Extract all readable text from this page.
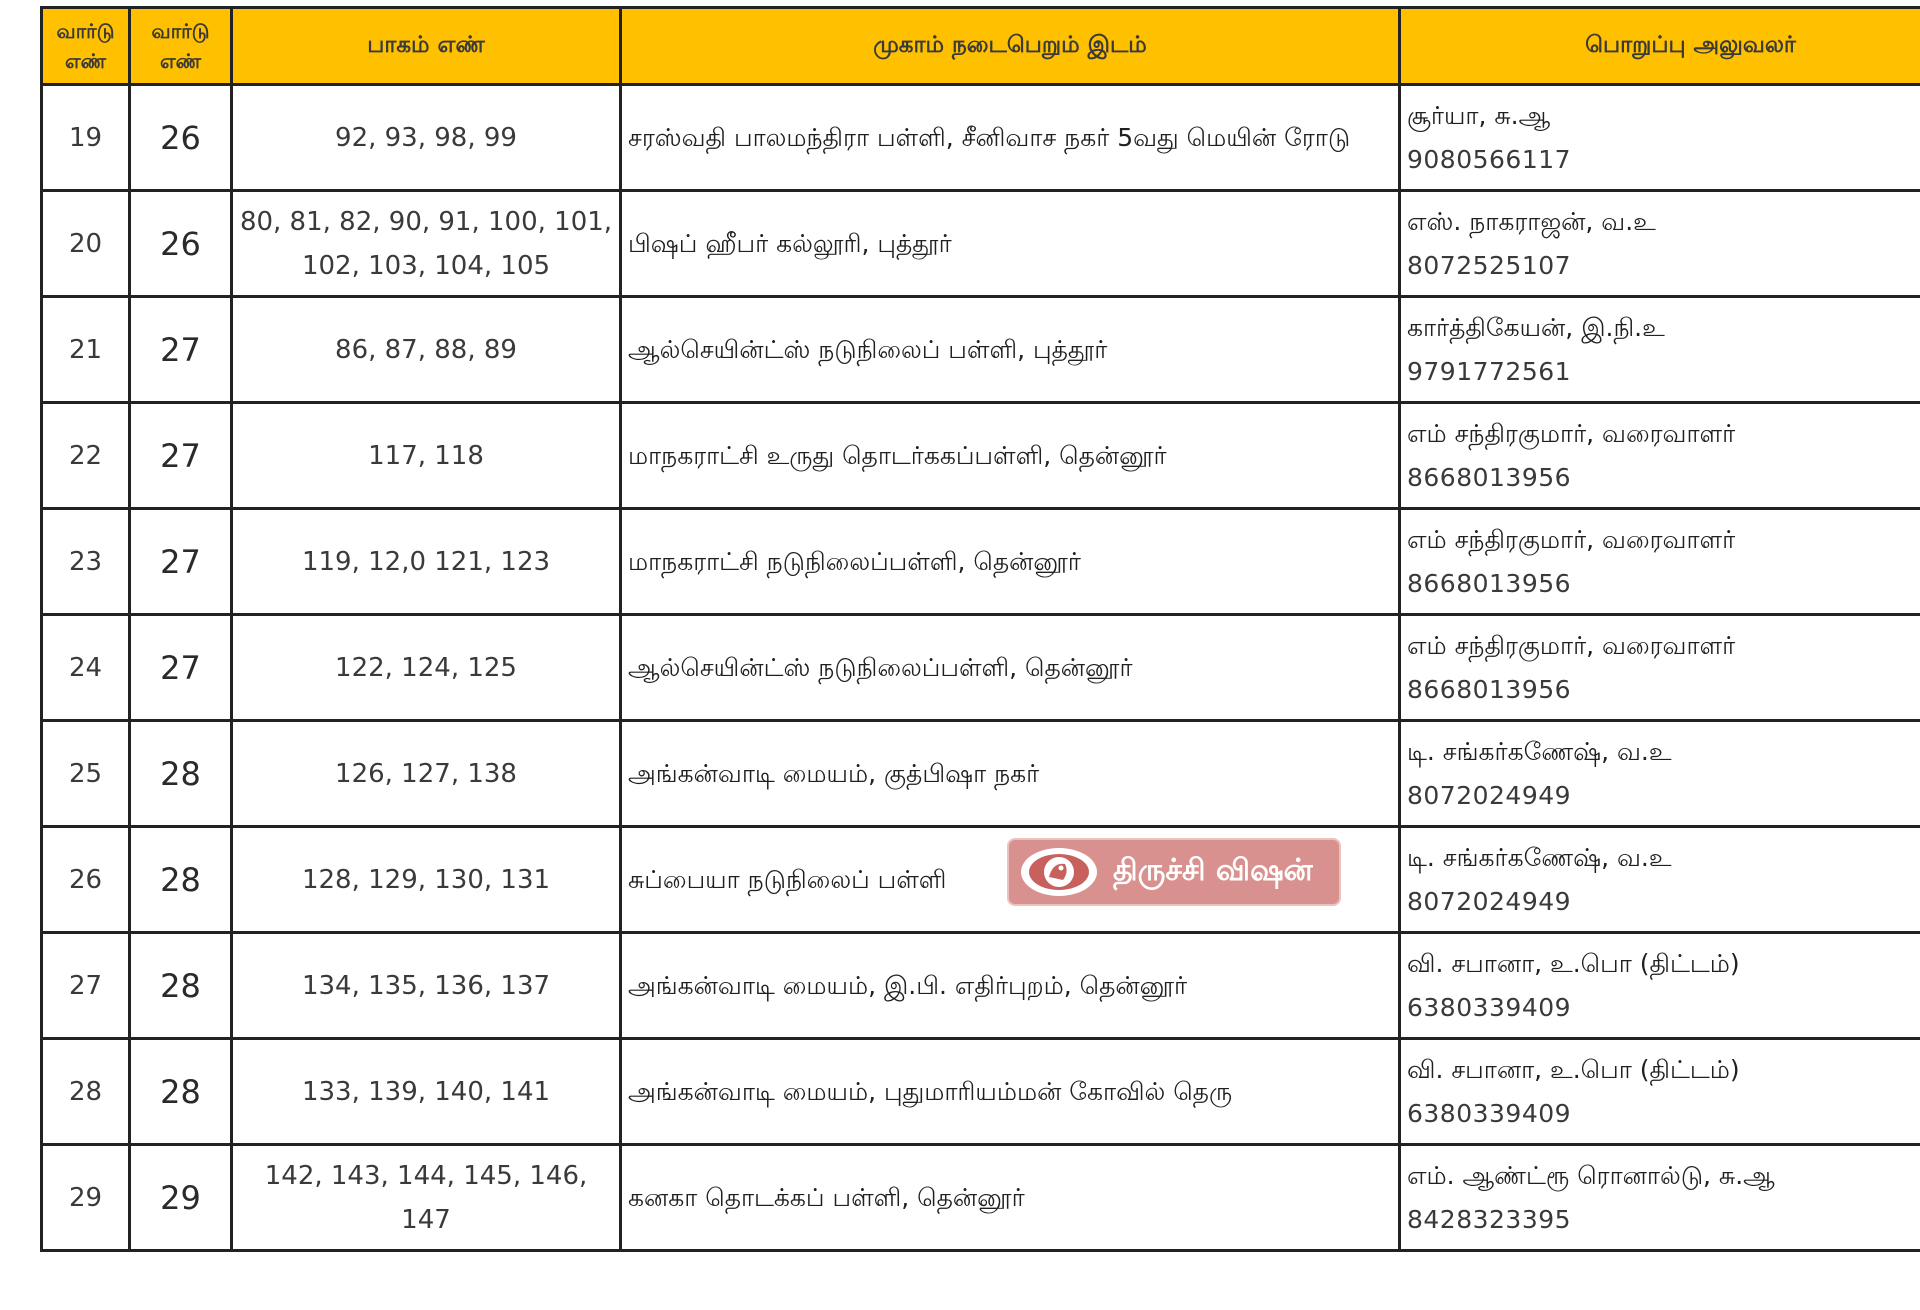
வார்டு எண்	வார்டு எண்	பாகம் எண்	முகாம் நடைபெறும் இடம்	பொறுப்பு அலுவலர்
19	26	92, 93, 98, 99	சரஸ்வதி பாலமந்திரா பள்ளி, சீனிவாச நகர் 5வது மெயின் ரோடு	சூர்யா, சு.ஆ
9080566117

20	26	80, 81, 82, 90, 91, 100, 101, 102, 103, 104, 105	பிஷப் ஹீபர் கல்லூரி, புத்தூர்	எஸ். நாகராஜன், வ.உ
8072525107

21	27	86, 87, 88, 89	ஆல்செயின்ட்ஸ் நடுநிலைப் பள்ளி, புத்தூர்	கார்த்திகேயன், இ.நி.உ
9791772561

22	27	117, 118	மாநகராட்சி உருது தொடர்ககப்பள்ளி, தென்னூர்	எம் சந்திரகுமார், வரைவாளர்
8668013956

23	27	119, 12,0 121, 123	மாநகராட்சி நடுநிலைப்பள்ளி, தென்னூர்	எம் சந்திரகுமார், வரைவாளர்
8668013956

24	27	122, 124, 125	ஆல்செயின்ட்ஸ் நடுநிலைப்பள்ளி, தென்னூர்	எம் சந்திரகுமார், வரைவாளர்
8668013956

25	28	126, 127, 138	அங்கன்வாடி மையம், குத்பிஷா நகர்	டி. சங்கர்கணேஷ், வ.உ
8072024949

26	28	128, 129, 130, 131	சுப்பையா நடுநிலைப் பள்ளி	டி. சங்கர்கணேஷ், வ.உ
8072024949

27	28	134, 135, 136, 137	அங்கன்வாடி மையம், இ.பி. எதிர்புறம், தென்னூர்	வி. சபானா, உ.பொ (திட்டம்)
6380339409

28	28	133, 139, 140, 141	அங்கன்வாடி மையம், புதுமாரியம்மன் கோவில் தெரு	வி. சபானா, உ.பொ (திட்டம்)
6380339409

29	29	142, 143, 144, 145, 146, 147	கனகா தொடக்கப் பள்ளி, தென்னூர்	எம். ஆண்ட்ரூ ரொனால்டு, சு.ஆ
8428323395
திருச்சி விஷன்
